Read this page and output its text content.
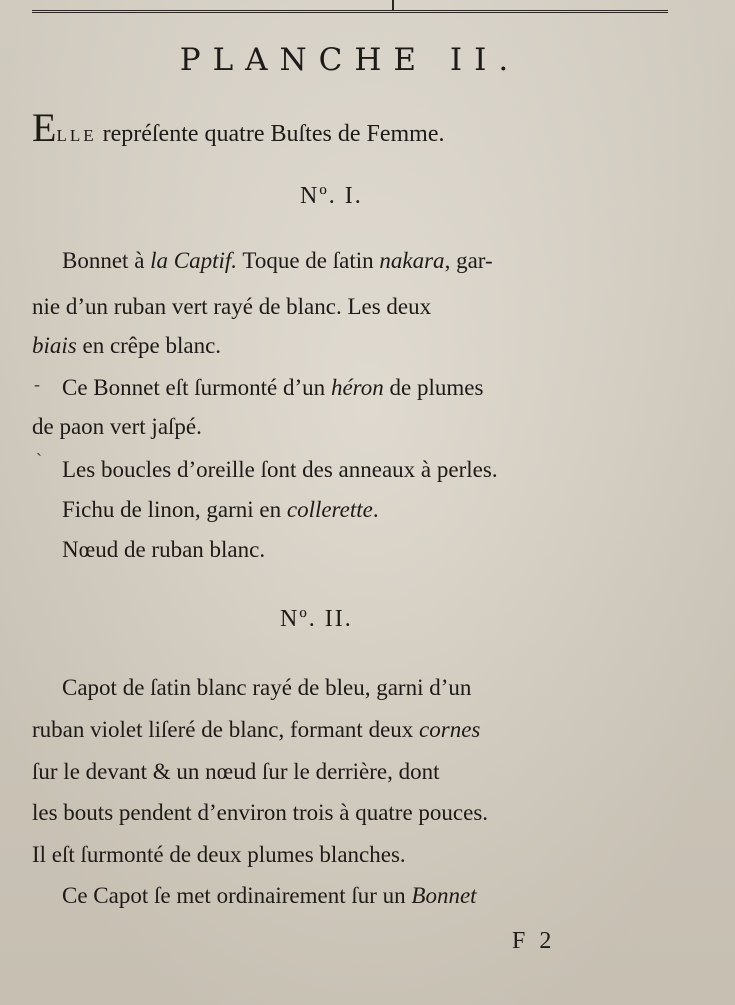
PLANCHE II.
ELLE repréſente quatre Buſtes de Femme.
Nº. I.
Bonnet à la Captif. Toque de ſatin nakara, gar-
nie d’un ruban vert rayé de blanc. Les deux
biais en crêpe blanc.
- Ce Bonnet eſt ſurmonté d’un héron de plumes
de paon vert jaſpé.
` Les boucles d’oreille ſont des anneaux à perles.
Fichu de linon, garni en collerette.
Nœud de ruban blanc.
Nº. II.
Capot de ſatin blanc rayé de bleu, garni d’un
ruban violet liſeré de blanc, formant deux cornes
ſur le devant & un nœud ſur le derrière, dont
les bouts pendent d’environ trois à quatre pouces.
Il eſt ſurmonté de deux plumes blanches.
Ce Capot ſe met ordinairement ſur un Bonnet
F 2
